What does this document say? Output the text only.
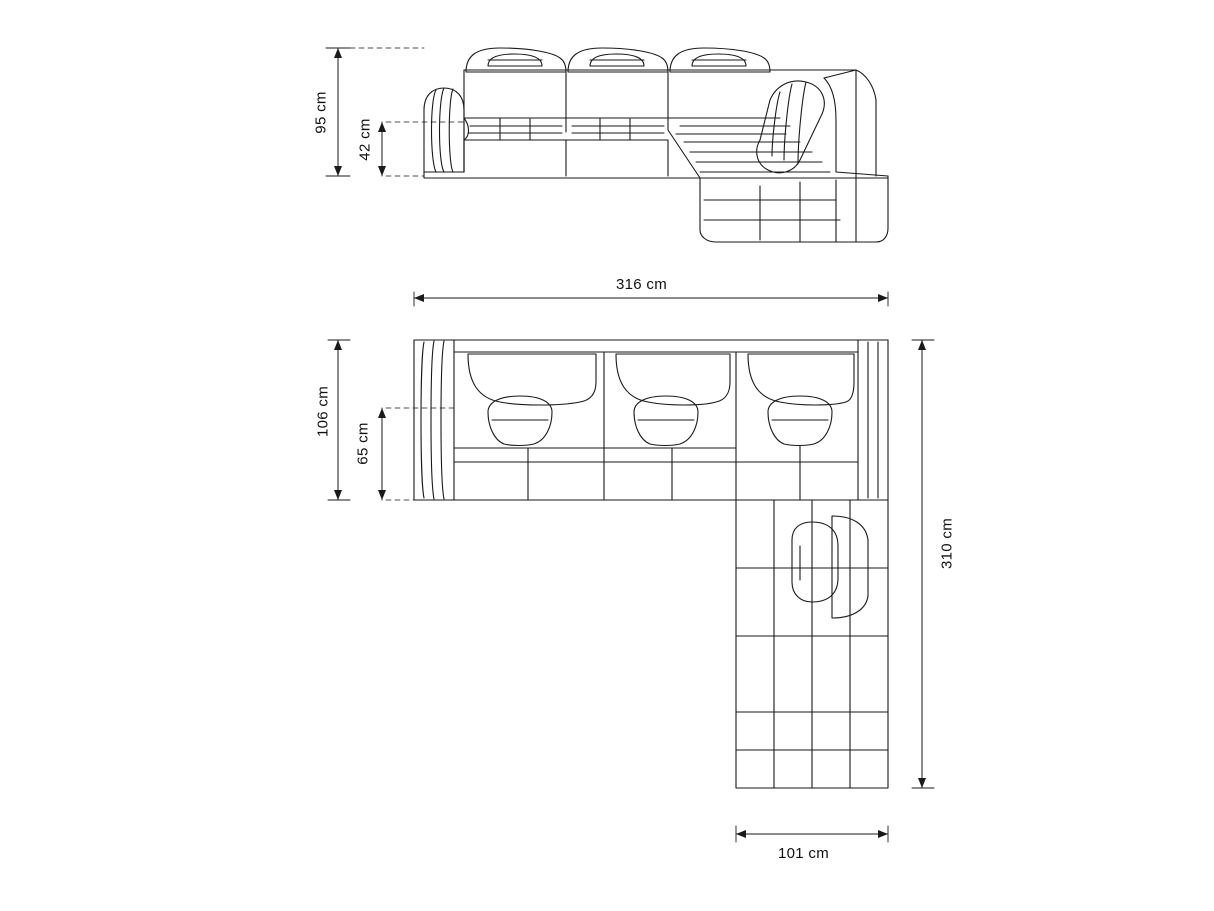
95 cm
42 cm
316 cm
106 cm
65 cm
310 cm
101 cm
